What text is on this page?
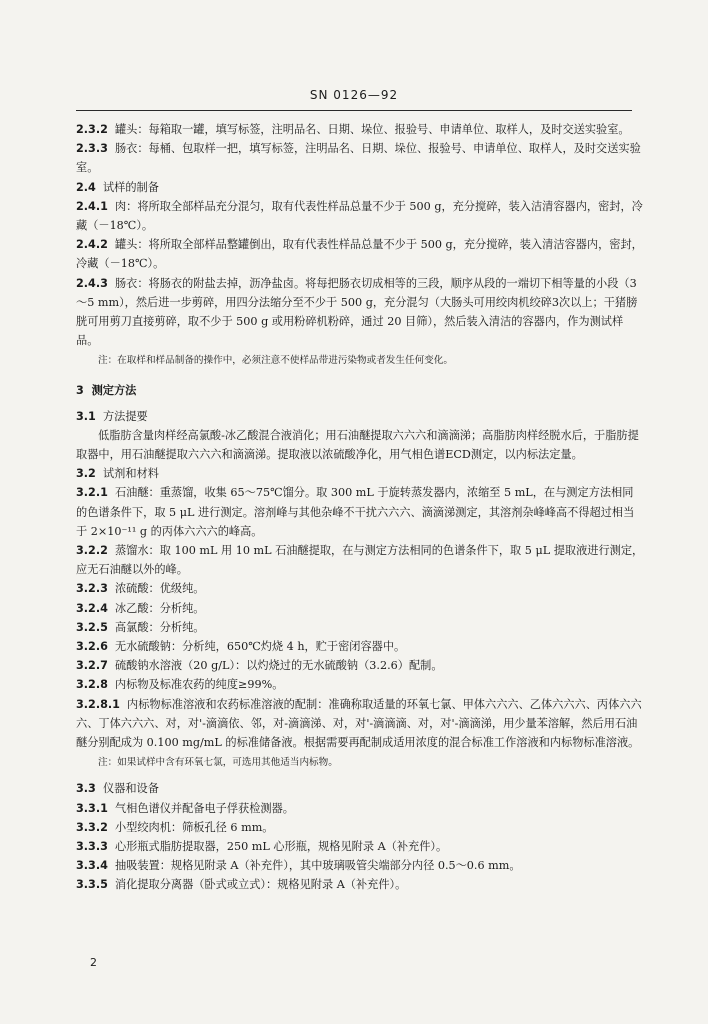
SN 0126—92

2.3.2 罐头：每箱取一罐，填写标签，注明品名、日期、垛位、报验号、申请单位、取样人，及时交送实验室。

2.3.3 肠衣：每桶、包取样一把，填写标签，注明品名、日期、垛位、报验号、申请单位、取样人，及时交送实验室。

2.4 试样的制备

2.4.1 肉：将所取全部样品充分混匀，取有代表性样品总量不少于 500 g，充分搅碎，装入洁清容器内，密封，冷藏（－18℃）。

2.4.2 罐头：将所取全部样品整罐倒出，取有代表性样品总量不少于 500 g，充分搅碎，装入清洁容器内，密封，冷藏（－18℃）。

2.4.3 肠衣：将肠衣的附盐去掉，沥净盐卤。将每把肠衣切成相等的三段，顺序从段的一端切下相等量的小段（3～5 mm），然后进一步剪碎，用四分法缩分至不少于 500 g，充分混匀（大肠头可用绞肉机绞碎3次以上；干猪膀胱可用剪刀直接剪碎，取不少于 500 g 或用粉碎机粉碎，通过 20 目筛），然后装入清洁的容器内，作为测试样品。

注：在取样和样品制备的操作中，必须注意不使样品带进污染物或者发生任何变化。

3 测定方法

3.1 方法提要

低脂肪含量肉样经高氯酸-冰乙酸混合液消化；用石油醚提取六六六和滴滴涕；高脂肪肉样经脱水后，于脂肪提取器中，用石油醚提取六六六和滴滴涕。提取液以浓硫酸净化，用气相色谱ECD测定，以内标法定量。

3.2 试剂和材料

3.2.1 石油醚：重蒸馏，收集 65～75℃馏分。取 300 mL 于旋转蒸发器内，浓缩至 5 mL，在与测定方法相同的色谱条件下，取 5 μL 进行测定。溶剂峰与其他杂峰不干扰六六六、滴滴涕测定，其溶剂杂峰峰高不得超过相当于 2×10⁻¹¹ g 的丙体六六六的峰高。

3.2.2 蒸馏水：取 100 mL 用 10 mL 石油醚提取，在与测定方法相同的色谱条件下，取 5 μL 提取液进行测定，应无石油醚以外的峰。

3.2.3 浓硫酸：优级纯。

3.2.4 冰乙酸：分析纯。

3.2.5 高氯酸：分析纯。

3.2.6 无水硫酸钠：分析纯，650℃灼烧 4 h，贮于密闭容器中。

3.2.7 硫酸钠水溶液（20 g/L）：以灼烧过的无水硫酸钠（3.2.6）配制。

3.2.8 内标物及标准农药的纯度≥99%。

3.2.8.1 内标物标准溶液和农药标准溶液的配制：准确称取适量的环氧七氯、甲体六六六、乙体六六六、丙体六六六、丁体六六六、对，对'-滴滴依、邻，对-滴滴涕、对，对'-滴滴滴、对，对'-滴滴涕，用少量苯溶解，然后用石油醚分别配成为 0.100 mg/mL 的标准储备液。根据需要再配制成适用浓度的混合标准工作溶液和内标物标准溶液。

注：如果试样中含有环氧七氯，可选用其他适当内标物。

3.3 仪器和设备

3.3.1 气相色谱仪并配备电子俘获检测器。

3.3.2 小型绞肉机：筛板孔径 6 mm。

3.3.3 心形瓶式脂肪提取器，250 mL 心形瓶，规格见附录 A（补充件）。

3.3.4 抽吸装置：规格见附录 A（补充件），其中玻璃吸管尖端部分内径 0.5～0.6 mm。

3.3.5 消化提取分离器（卧式或立式）：规格见附录 A（补充件）。

2
